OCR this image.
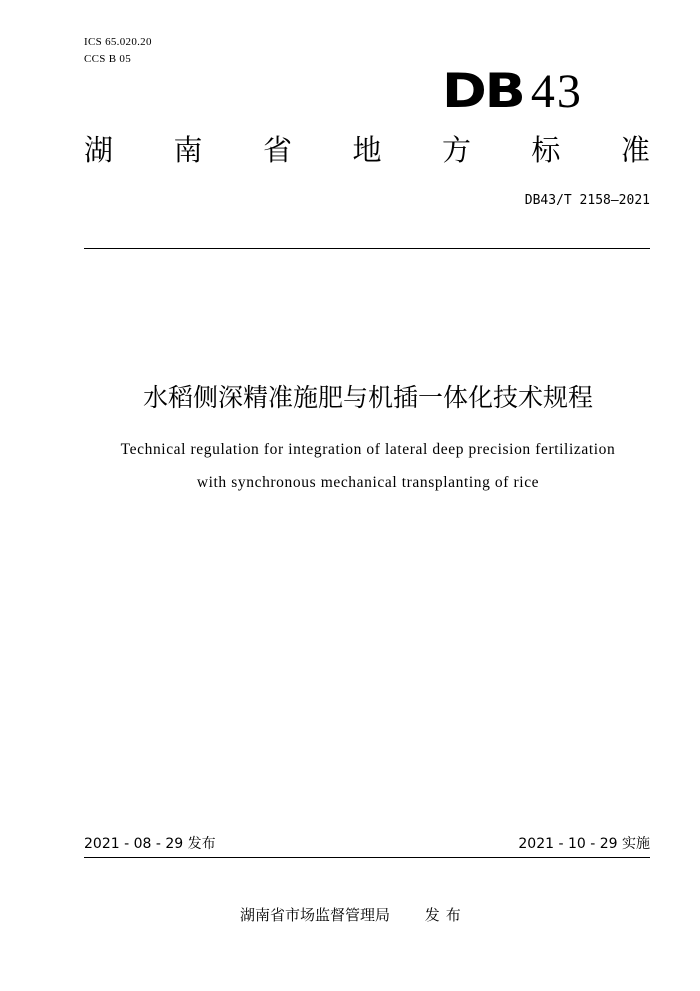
ICS 65.020.20
CCS B 05
DB 43
湖 南 省 地 方 标 准
DB43/T 2158—2021
水稻侧深精准施肥与机插一体化技术规程
Technical regulation for integration of lateral deep precision fertilization
with synchronous mechanical transplanting of rice
2021 - 08 - 29 发布	2021 - 10 - 29 实施
湖南省市场监督管理局 发布
